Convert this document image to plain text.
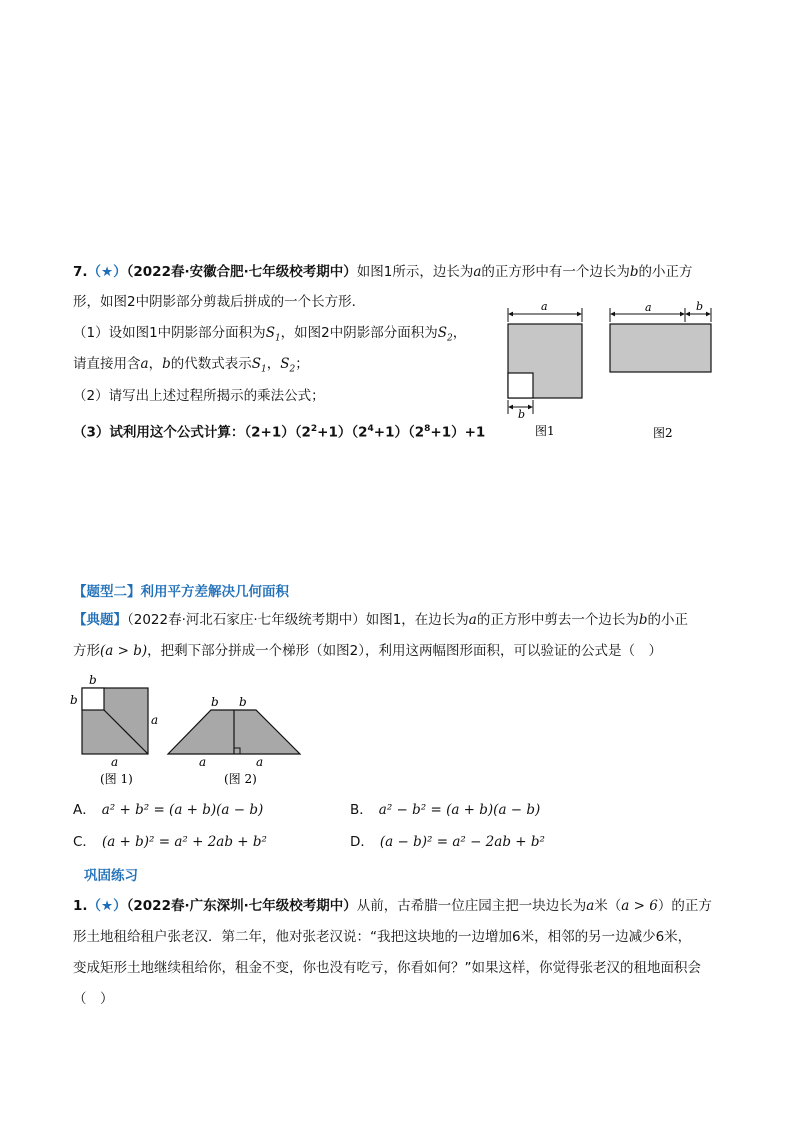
7.（★）（2022春·安徽合肥·七年级校考期中）如图1所示，边长为a的正方形中有一个边长为b的小正方
形，如图2中阴影部分剪裁后拼成的一个长方形．
（1）设如图1中阴影部分面积为$S_1$，如图2中阴影部分面积为$S_2$，
请直接用含a，b的代数式表示$S_1$，$S_2$；
（2）请写出上述过程所揭示的乘法公式；
（3）试利用这个公式计算：$(2+1)(2^2+1)(2^4+1)(2^8+1)+1$
a
b
图1
a	b
图2
【题型二】利用平方差解决几何面积
【典题】（2022春·河北石家庄·七年级统考期中）如图1，在边长为a的正方形中剪去一个边长为b的小正
方形(a > b)，把剩下部分拼成一个梯形（如图2），利用这两幅图形面积，可以验证的公式是（　）
b
b
a
a
(图 1)
b b
a	a
(图 2)
A． a² + b² = (a + b)(a − b)	B． a² − b² = (a + b)(a − b)
C． (a + b)² = a² + 2ab + b²	D． (a − b)² = a² − 2ab + b²
巩固练习
1.（★）（2022春·广东深圳·七年级校考期中）从前，古希腊一位庄园主把一块边长为a米（a > 6）的正方
形土地租给租户张老汉．第二年，他对张老汉说：“我把这块地的一边增加6米，相邻的另一边减少6米，
变成矩形土地继续租给你，租金不变，你也没有吃亏，你看如何？”如果这样，你觉得张老汉的租地面积会
（　）
